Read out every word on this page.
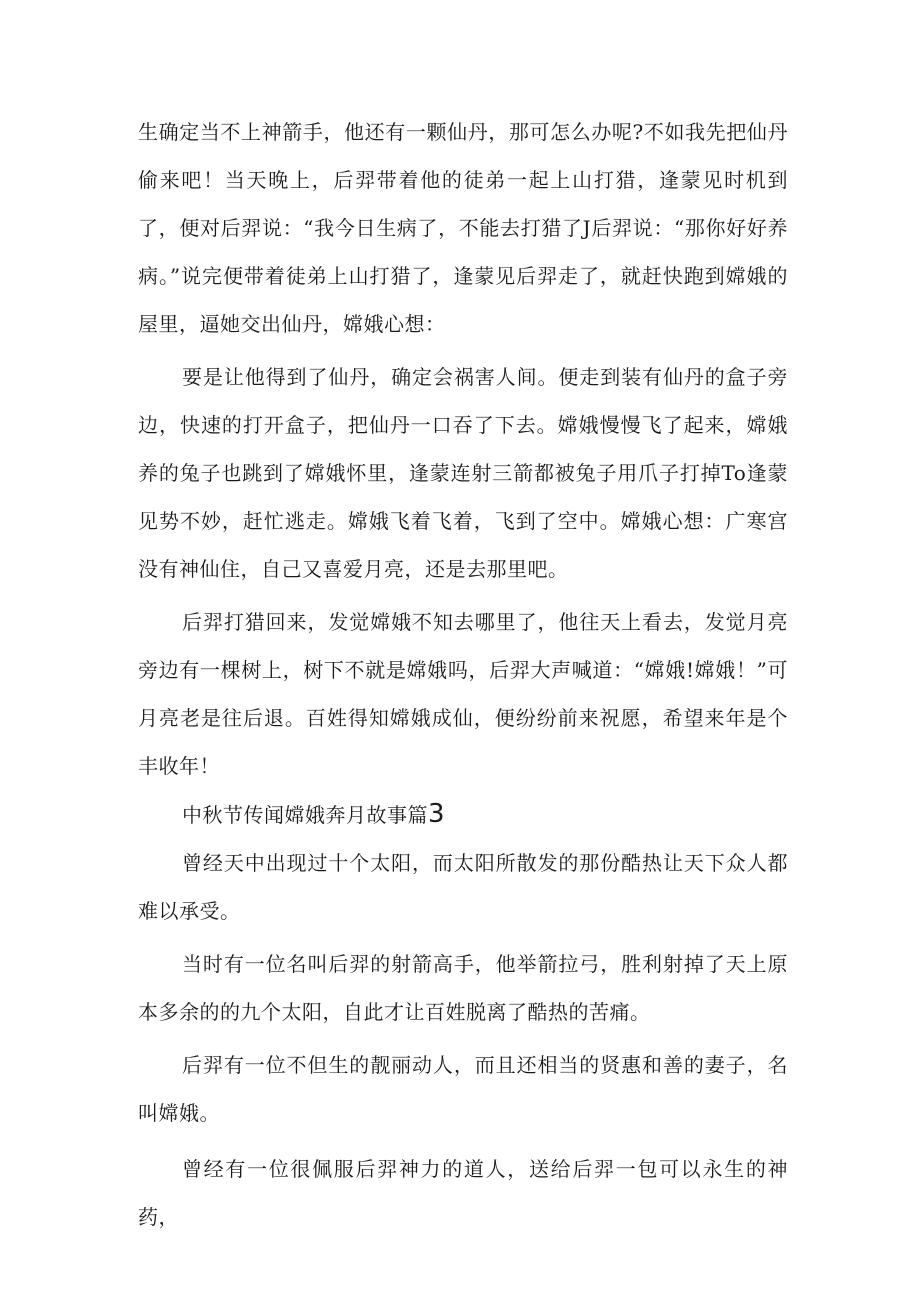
生确定当不上神箭手，他还有一颗仙丹，那可怎么办呢?不如我先把仙丹偷来吧！当天晚上，后羿带着他的徒弟一起上山打猎，逢蒙见时机到了，便对后羿说：“我今日生病了，不能去打猎了J后羿说：“那你好好养病。”说完便带着徒弟上山打猎了，逢蒙见后羿走了，就赶快跑到嫦娥的屋里，逼她交出仙丹，嫦娥心想：

要是让他得到了仙丹，确定会祸害人间。便走到装有仙丹的盒子旁边，快速的打开盒子，把仙丹一口吞了下去。嫦娥慢慢飞了起来，嫦娥养的兔子也跳到了嫦娥怀里，逢蒙连射三箭都被兔子用爪子打掉To逢蒙见势不妙，赶忙逃走。嫦娥飞着飞着，飞到了空中。嫦娥心想：广寒宫没有神仙住，自己又喜爱月亮，还是去那里吧。

后羿打猎回来，发觉嫦娥不知去哪里了，他往天上看去，发觉月亮旁边有一棵树上，树下不就是嫦娥吗，后羿大声喊道：“嫦娥!嫦娥！”可月亮老是往后退。百姓得知嫦娥成仙，便纷纷前来祝愿，希望来年是个丰收年！

中秋节传闻嫦娥奔月故事篇3

曾经天中出现过十个太阳，而太阳所散发的那份酷热让天下众人都难以承受。

当时有一位名叫后羿的射箭高手，他举箭拉弓，胜利射掉了天上原本多余的的九个太阳，自此才让百姓脱离了酷热的苦痛。

后羿有一位不但生的靓丽动人，而且还相当的贤惠和善的妻子，名叫嫦娥。

曾经有一位很佩服后羿神力的道人，送给后羿一包可以永生的神药，
